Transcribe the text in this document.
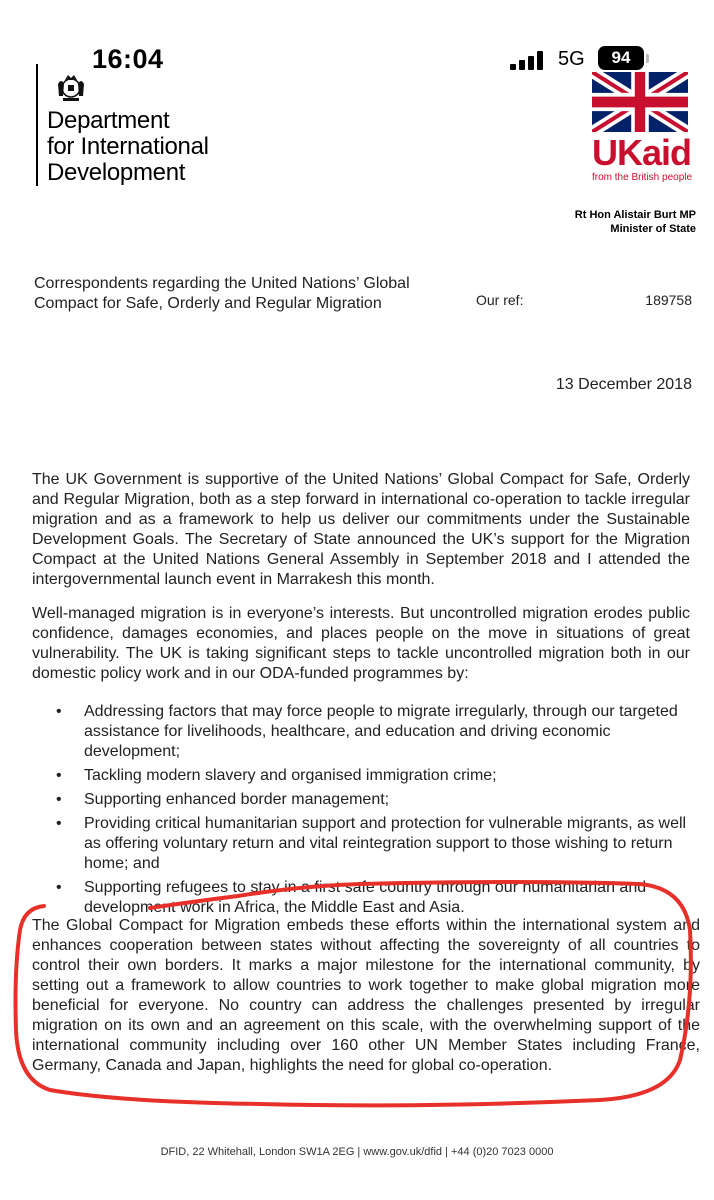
16:04	5G	94
Department
for International
Development	UKaid
from the British people
Rt Hon Alistair Burt MP
Minister of State
Correspondents regarding the United Nations’ Global Compact for Safe, Orderly and Regular Migration	Our ref:	189758
13 December 2018

The UK Government is supportive of the United Nations’ Global Compact for Safe, Orderly and Regular Migration, both as a step forward in international co-operation to tackle irregular migration and as a framework to help us deliver our commitments under the Sustainable Development Goals. The Secretary of State announced the UK’s support for the Migration Compact at the United Nations General Assembly in September 2018 and I attended the intergovernmental launch event in Marrakesh this month.

Well-managed migration is in everyone’s interests. But uncontrolled migration erodes public confidence, damages economies, and places people on the move in situations of great vulnerability. The UK is taking significant steps to tackle uncontrolled migration both in our domestic policy work and in our ODA-funded programmes by:

• Addressing factors that may force people to migrate irregularly, through our targeted assistance for livelihoods, healthcare, and education and driving economic development;
• Tackling modern slavery and organised immigration crime;
• Supporting enhanced border management;
• Providing critical humanitarian support and protection for vulnerable migrants, as well as offering voluntary return and vital reintegration support to those wishing to return home; and
• Supporting refugees to stay in a first safe country through our humanitarian and development work in Africa, the Middle East and Asia.

The Global Compact for Migration embeds these efforts within the international system and enhances cooperation between states without affecting the sovereignty of all countries to control their own borders. It marks a major milestone for the international community, by setting out a framework to allow countries to work together to make global migration more beneficial for everyone. No country can address the challenges presented by irregular migration on its own and an agreement on this scale, with the overwhelming support of the international community including over 160 other UN Member States including France, Germany, Canada and Japan, highlights the need for global co-operation.

DFID, 22 Whitehall, London SW1A 2EG | www.gov.uk/dfid | +44 (0)20 7023 0000
